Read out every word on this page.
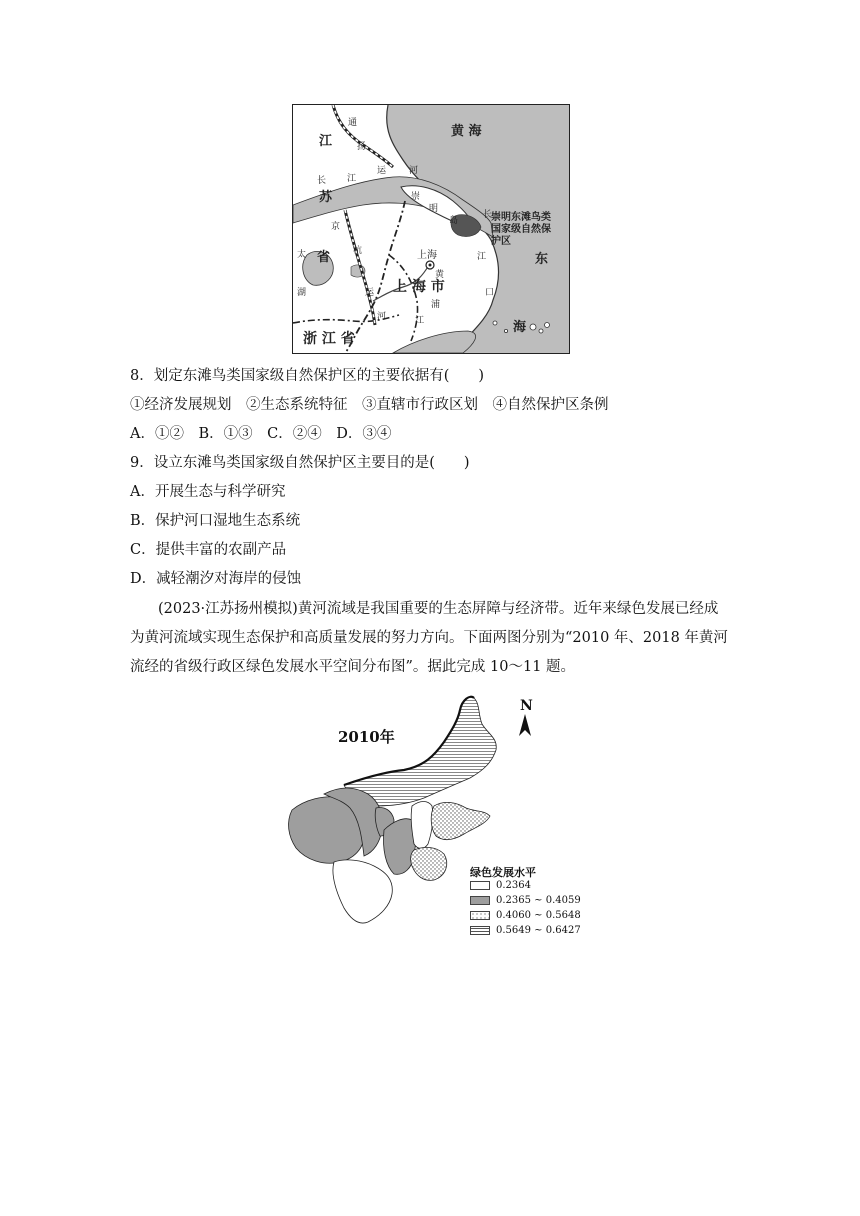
黄 海
东
海
江
苏
省
通
扬
运	河
长 江
崇
明
岛
长
江
口
京
杭
太
湖
上海
黄
浦
江
上 海 市
运
河
浙 江 省
崇明东滩鸟类
国家级自然保
护区
8．划定东滩鸟类国家级自然保护区的主要依据有(　　)
①经济发展规划　②生态系统特征　③直辖市行政区划　④自然保护区条例
A．①②　B．①③　C．②④　D．③④
9．设立东滩鸟类国家级自然保护区主要目的是(　　)
A．开展生态与科学研究
B．保护河口湿地生态系统
C．提供丰富的农副产品
D．减轻潮汐对海岸的侵蚀
(2023·江苏扬州模拟)黄河流域是我国重要的生态屏障与经济带。近年来绿色发展已经成
为黄河流域实现生态保护和高质量发展的努力方向。下面两图分别为“2010 年、2018 年黄河
流经的省级行政区绿色发展水平空间分布图”。据此完成 10～11 题。
2010年
N
绿色发展水平
0.2364
0.2365 ~ 0.4059
0.4060 ~ 0.5648
0.5649 ~ 0.6427
